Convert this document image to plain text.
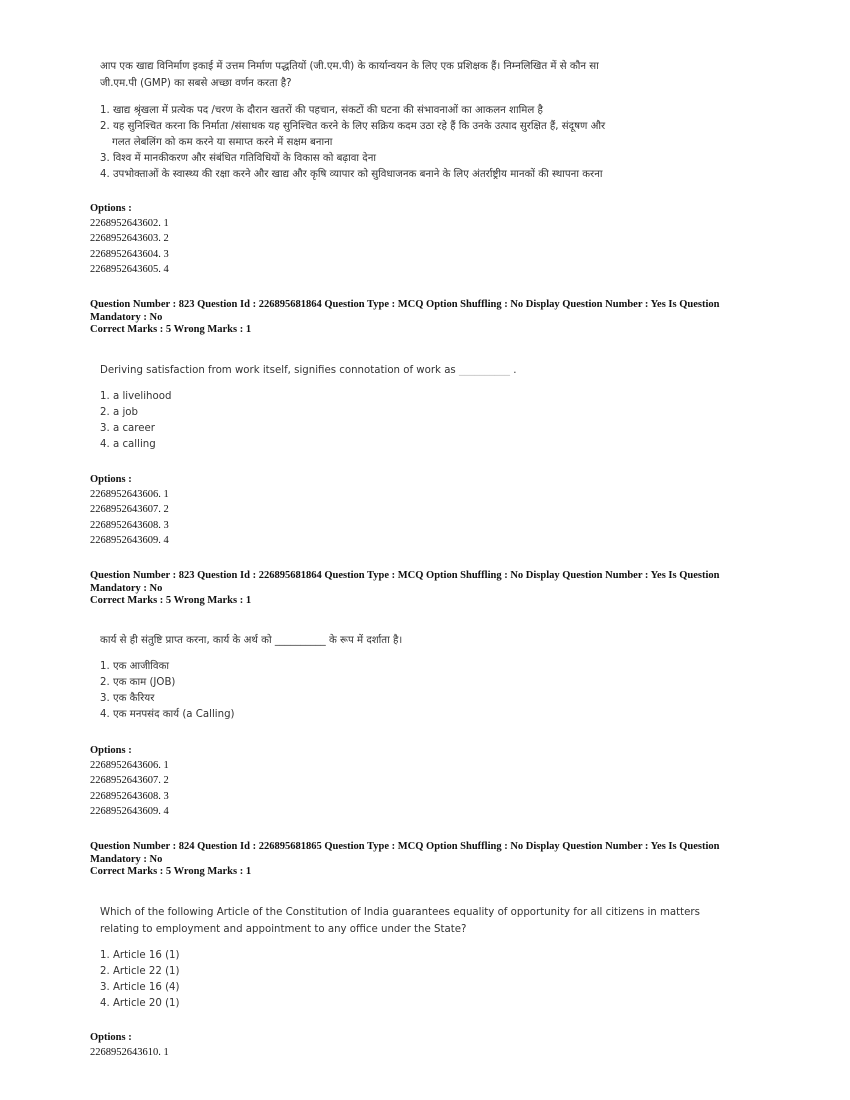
आप एक खाद्य विनिर्माण इकाई में उत्तम निर्माण पद्धतियों (जी.एम.पी) के कार्यान्वयन के लिए एक प्रशिक्षक हैं। निम्नलिखित में से कौन सा
जी.एम.पी (GMP) का सबसे अच्छा वर्णन करता है?
1. खाद्य श्रृंखला में प्रत्येक पद /चरण के दौरान खतरों की पहचान, संकटों की घटना की संभावनाओं का आकलन शामिल है
2. यह सुनिश्चित करना कि निर्माता /संसाधक यह सुनिश्चित करने के लिए सक्रिय कदम उठा रहे हैं कि उनके उत्पाद सुरक्षित हैं, संदूषण और
गलत लेबलिंग को कम करने या समाप्त करने में सक्षम बनाना
3. विश्व में मानकीकरण और संबंधित गतिविधियों के विकास को बढ़ावा देना
4. उपभोक्ताओं के स्वास्थ्य की रक्षा करने और खाद्य और कृषि व्यापार को सुविधाजनक बनाने के लिए अंतर्राष्ट्रीय मानकों की स्थापना करना
Options :
2268952643602. 1
2268952643603. 2
2268952643604. 3
2268952643605. 4
Question Number : 823 Question Id : 226895681864 Question Type : MCQ Option Shuffling : No Display Question Number : Yes Is Question
Mandatory : No
Correct Marks : 5 Wrong Marks : 1
Deriving satisfaction from work itself, signifies connotation of work as __________ .
1. a livelihood
2. a job
3. a career
4. a calling
Options :
2268952643606. 1
2268952643607. 2
2268952643608. 3
2268952643609. 4
Question Number : 823 Question Id : 226895681864 Question Type : MCQ Option Shuffling : No Display Question Number : Yes Is Question
Mandatory : No
Correct Marks : 5 Wrong Marks : 1
कार्य से ही संतुष्टि प्राप्त करना, कार्य के अर्थ को __________ के रूप में दर्शाता है।
1. एक आजीविका
2. एक काम (JOB)
3. एक कैरियर
4. एक मनपसंद कार्य (a Calling)
Options :
2268952643606. 1
2268952643607. 2
2268952643608. 3
2268952643609. 4
Question Number : 824 Question Id : 226895681865 Question Type : MCQ Option Shuffling : No Display Question Number : Yes Is Question
Mandatory : No
Correct Marks : 5 Wrong Marks : 1
Which of the following Article of the Constitution of India guarantees equality of opportunity for all citizens in matters
relating to employment and appointment to any office under the State?
1. Article 16 (1)
2. Article 22 (1)
3. Article 16 (4)
4. Article 20 (1)
Options :
2268952643610. 1
